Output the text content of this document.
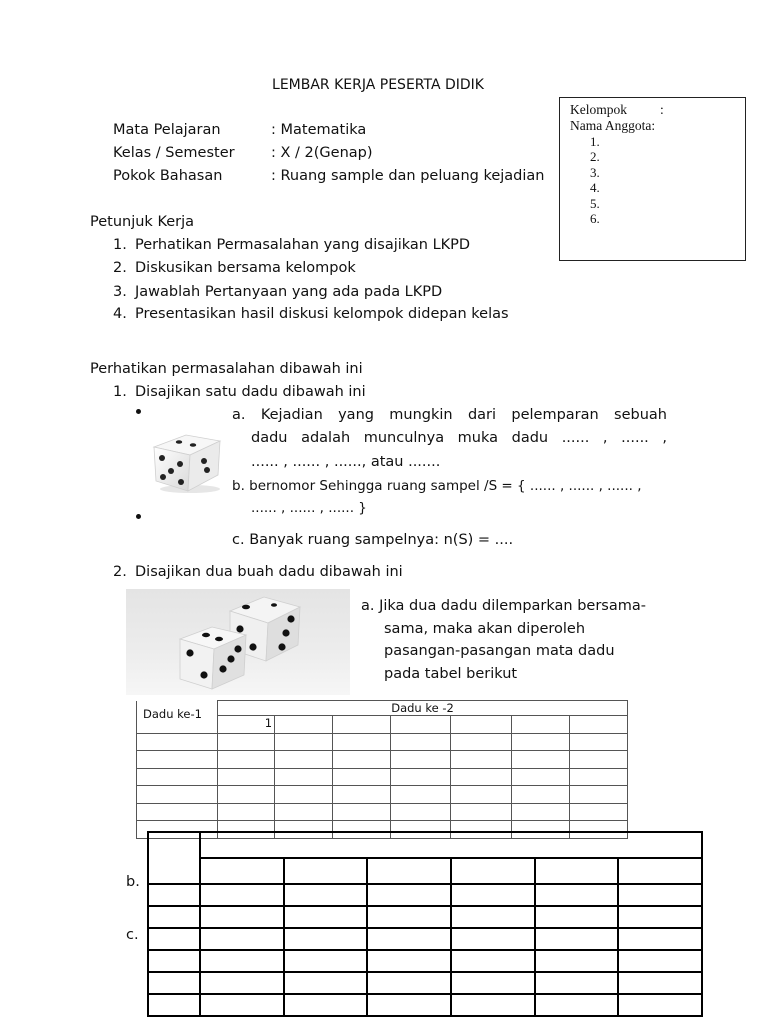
LEMBAR KERJA PESERTA DIDIK
Kelompok :
Nama Anggota:
1.
2.
3.
4.
5.
6.
Mata Pelajaran	: Matematika
Kelas / Semester	: X / 2(Genap)
Pokok Bahasan	: Ruang sample dan peluang kejadian
Petunjuk Kerja
1. Perhatikan Permasalahan yang disajikan LKPD
2. Diskusikan bersama kelompok
3. Jawablah Pertanyaan yang ada pada LKPD
4. Presentasikan hasil diskusi kelompok didepan kelas
Perhatikan permasalahan dibawah ini
1. Disajikan satu dadu dibawah ini
a. Kejadian yang mungkin dari pelemparan sebuah
dadu adalah munculnya muka dadu ...... , ...... ,
...... , ...... , ......, atau .......
b. bernomor Sehingga ruang sampel /S = { ...... , ...... , ...... ,
...... , ...... , ...... }
c. Banyak ruang sampelnya: n(S) = ....
2. Disajikan dua buah dadu dibawah ini
a. Jika dua dadu dilemparkan bersama-
sama, maka akan diperoleh
pasangan-pasangan mata dadu
pada tabel berikut
Dadu ke-1	Dadu ke -2						
	1						

b.
c.
